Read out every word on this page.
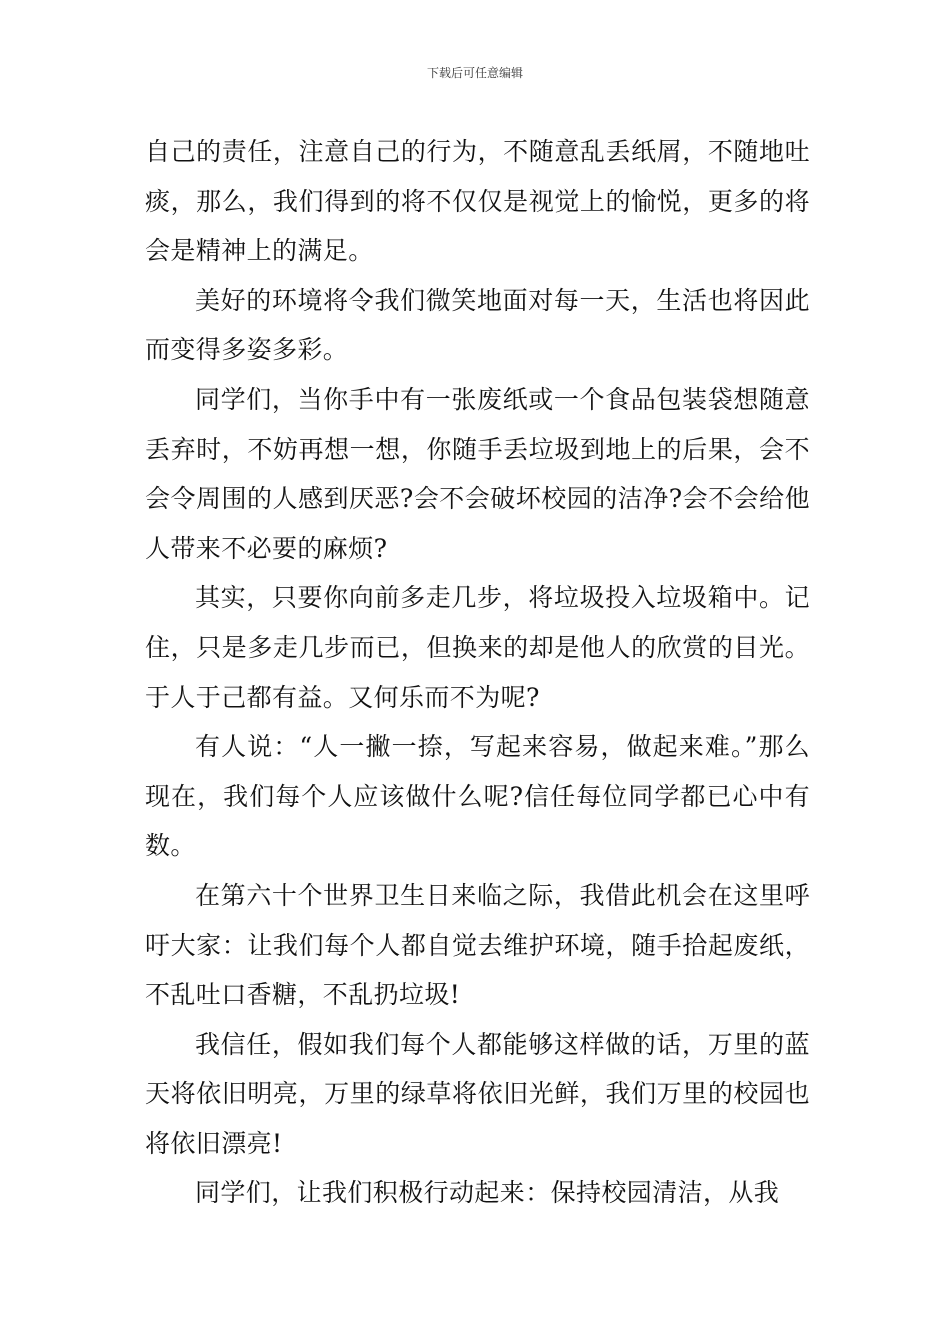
下载后可任意编辑

自己的责任，注意自己的行为，不随意乱丢纸屑，不随地吐痰，那么，我们得到的将不仅仅是视觉上的愉悦，更多的将会是精神上的满足。

美好的环境将令我们微笑地面对每一天，生活也将因此而变得多姿多彩。

同学们，当你手中有一张废纸或一个食品包装袋想随意丢弃时，不妨再想一想，你随手丢垃圾到地上的后果，会不会令周围的人感到厌恶?会不会破坏校园的洁净?会不会给他人带来不必要的麻烦?

其实，只要你向前多走几步，将垃圾投入垃圾箱中。记住，只是多走几步而已，但换来的却是他人的欣赏的目光。于人于己都有益。又何乐而不为呢?

有人说：“人一撇一捺，写起来容易，做起来难。”那么现在，我们每个人应该做什么呢?信任每位同学都已心中有数。

在第六十个世界卫生日来临之际，我借此机会在这里呼吁大家：让我们每个人都自觉去维护环境，随手拾起废纸，不乱吐口香糖，不乱扔垃圾!

我信任，假如我们每个人都能够这样做的话，万里的蓝天将依旧明亮，万里的绿草将依旧光鲜，我们万里的校园也将依旧漂亮!

同学们，让我们积极行动起来：保持校园清洁，从我
